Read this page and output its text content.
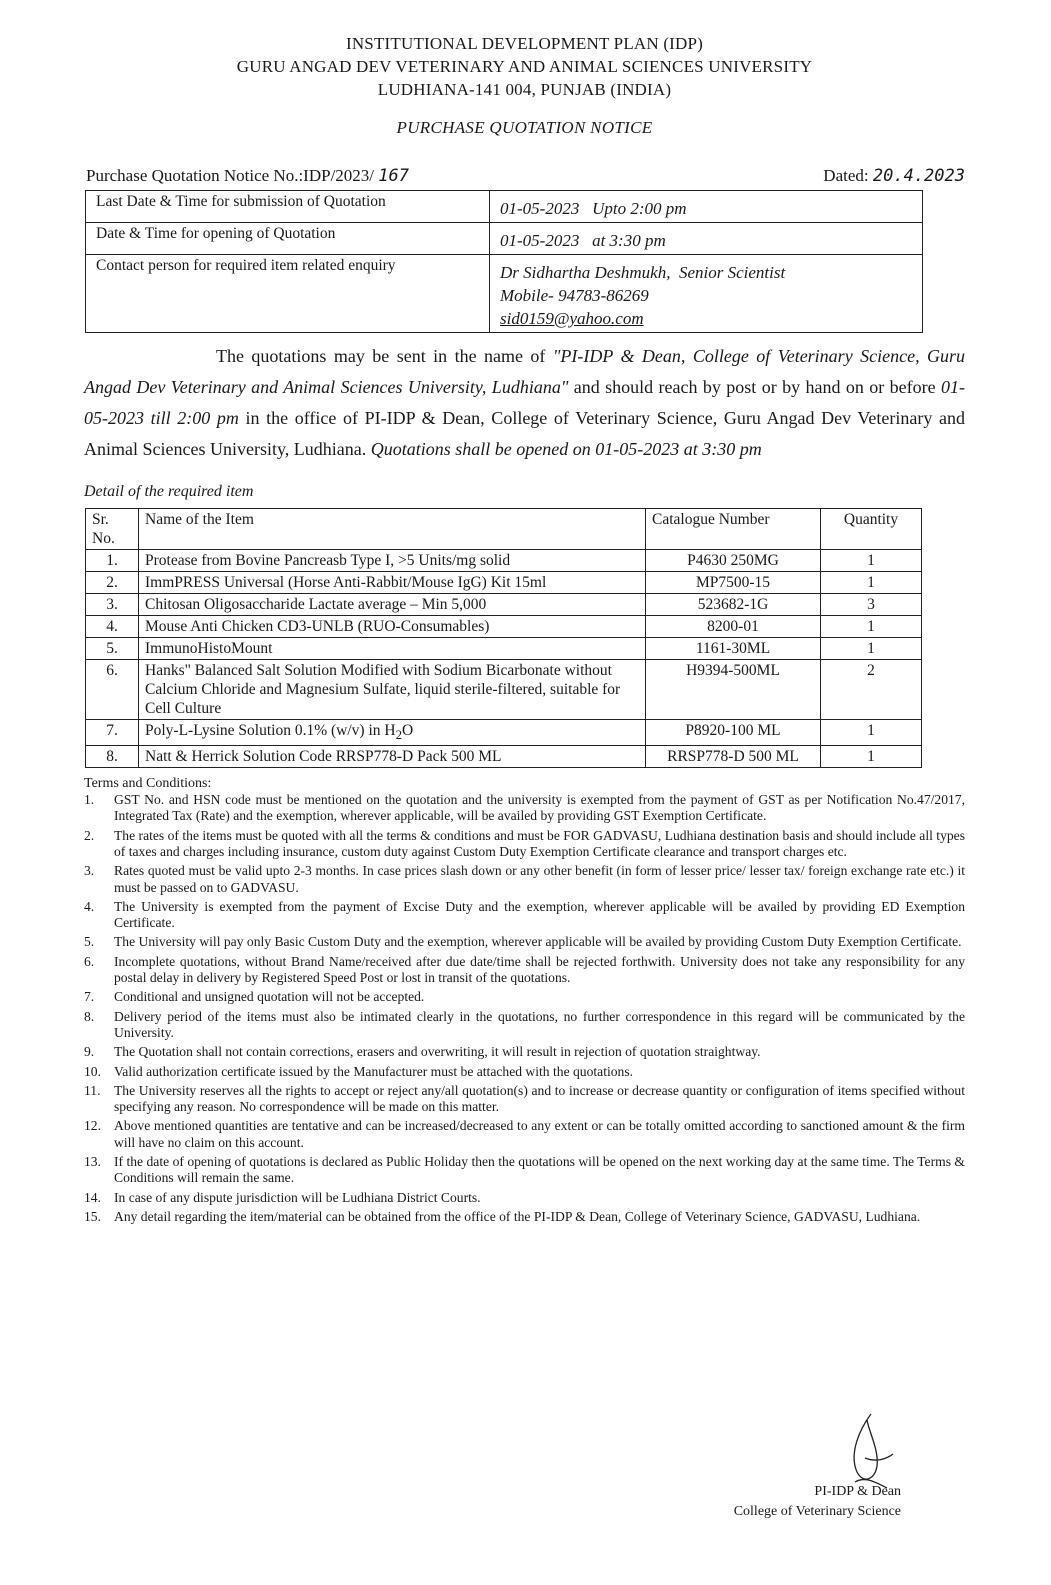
INSTITUTIONAL DEVELOPMENT PLAN (IDP)
GURU ANGAD DEV VETERINARY AND ANIMAL SCIENCES UNIVERSITY
LUDHIANA-141 004, PUNJAB (INDIA)
PURCHASE QUOTATION NOTICE
Purchase Quotation Notice No.:IDP/2023/ 167	Dated: 20.4.2023
Last Date & Time for submission of Quotation	01-05-2023   Upto 2:00 pm
Date & Time for opening of Quotation	01-05-2023   at 3:30 pm
Contact person for required item related enquiry	Dr Sidhartha Deshmukh,  Senior Scientist
Mobile- 94783-86269
sid0159@yahoo.com
The quotations may be sent in the name of "PI-IDP & Dean, College of Veterinary Science, Guru Angad Dev Veterinary and Animal Sciences University, Ludhiana" and should reach by post or by hand on or before 01-05-2023 till 2:00 pm in the office of PI-IDP & Dean, College of Veterinary Science, Guru Angad Dev Veterinary and Animal Sciences University, Ludhiana. Quotations shall be opened on 01-05-2023 at 3:30 pm
Detail of the required item
Sr. No.	Name of the Item	Catalogue Number	Quantity
1.	Protease from Bovine Pancreasb Type I, >5 Units/mg solid	P4630 250MG	1
2.	ImmPRESS Universal (Horse Anti-Rabbit/Mouse IgG) Kit 15ml	MP7500-15	1
3.	Chitosan Oligosaccharide Lactate average – Min 5,000	523682-1G	3
4.	Mouse Anti Chicken CD3-UNLB (RUO-Consumables)	8200-01	1
5.	ImmunoHistoMount	1161-30ML	1
6.	Hanks" Balanced Salt Solution Modified with Sodium Bicarbonate without Calcium Chloride and Magnesium Sulfate, liquid sterile-filtered, suitable for Cell Culture	H9394-500ML	2
7.	Poly-L-Lysine Solution 0.1% (w/v) in $H_2O$	P8920-100 ML	1
8.	Natt & Herrick Solution Code RRSP778-D Pack 500 ML	RRSP778-D 500 ML	1
Terms and Conditions:
1.	GST No. and HSN code must be mentioned on the quotation and the university is exempted from the payment of GST as per Notification No.47/2017, Integrated Tax (Rate) and the exemption, wherever applicable, will be availed by providing GST Exemption Certificate.
2.	The rates of the items must be quoted with all the terms & conditions and must be FOR GADVASU, Ludhiana destination basis and should include all types of taxes and charges including insurance, custom duty against Custom Duty Exemption Certificate clearance and transport charges etc.
3.	Rates quoted must be valid upto 2-3 months. In case prices slash down or any other benefit (in form of lesser price/ lesser tax/ foreign exchange rate etc.) it must be passed on to GADVASU.
4.	The University is exempted from the payment of Excise Duty and the exemption, wherever applicable will be availed by providing ED Exemption Certificate.
5.	The University will pay only Basic Custom Duty and the exemption, wherever applicable will be availed by providing Custom Duty Exemption Certificate.
6.	Incomplete quotations, without Brand Name/received after due date/time shall be rejected forthwith. University does not take any responsibility for any postal delay in delivery by Registered Speed Post or lost in transit of the quotations.
7.	Conditional and unsigned quotation will not be accepted.
8.	Delivery period of the items must also be intimated clearly in the quotations, no further correspondence in this regard will be communicated by the University.
9.	The Quotation shall not contain corrections, erasers and overwriting, it will result in rejection of quotation straightway.
10. Valid authorization certificate issued by the Manufacturer must be attached with the quotations.
11. The University reserves all the rights to accept or reject any/all quotation(s) and to increase or decrease quantity or configuration of items specified without specifying any reason. No correspondence will be made on this matter.
12. Above mentioned quantities are tentative and can be increased/decreased to any extent or can be totally omitted according to sanctioned amount & the firm will have no claim on this account.
13. If the date of opening of quotations is declared as Public Holiday then the quotations will be opened on the next working day at the same time. The Terms & Conditions will remain the same.
14. In case of any dispute jurisdiction will be Ludhiana District Courts.
15. Any detail regarding the item/material can be obtained from the office of the PI-IDP & Dean, College of Veterinary Science, GADVASU, Ludhiana.
PI-IDP & Dean
College of Veterinary Science
